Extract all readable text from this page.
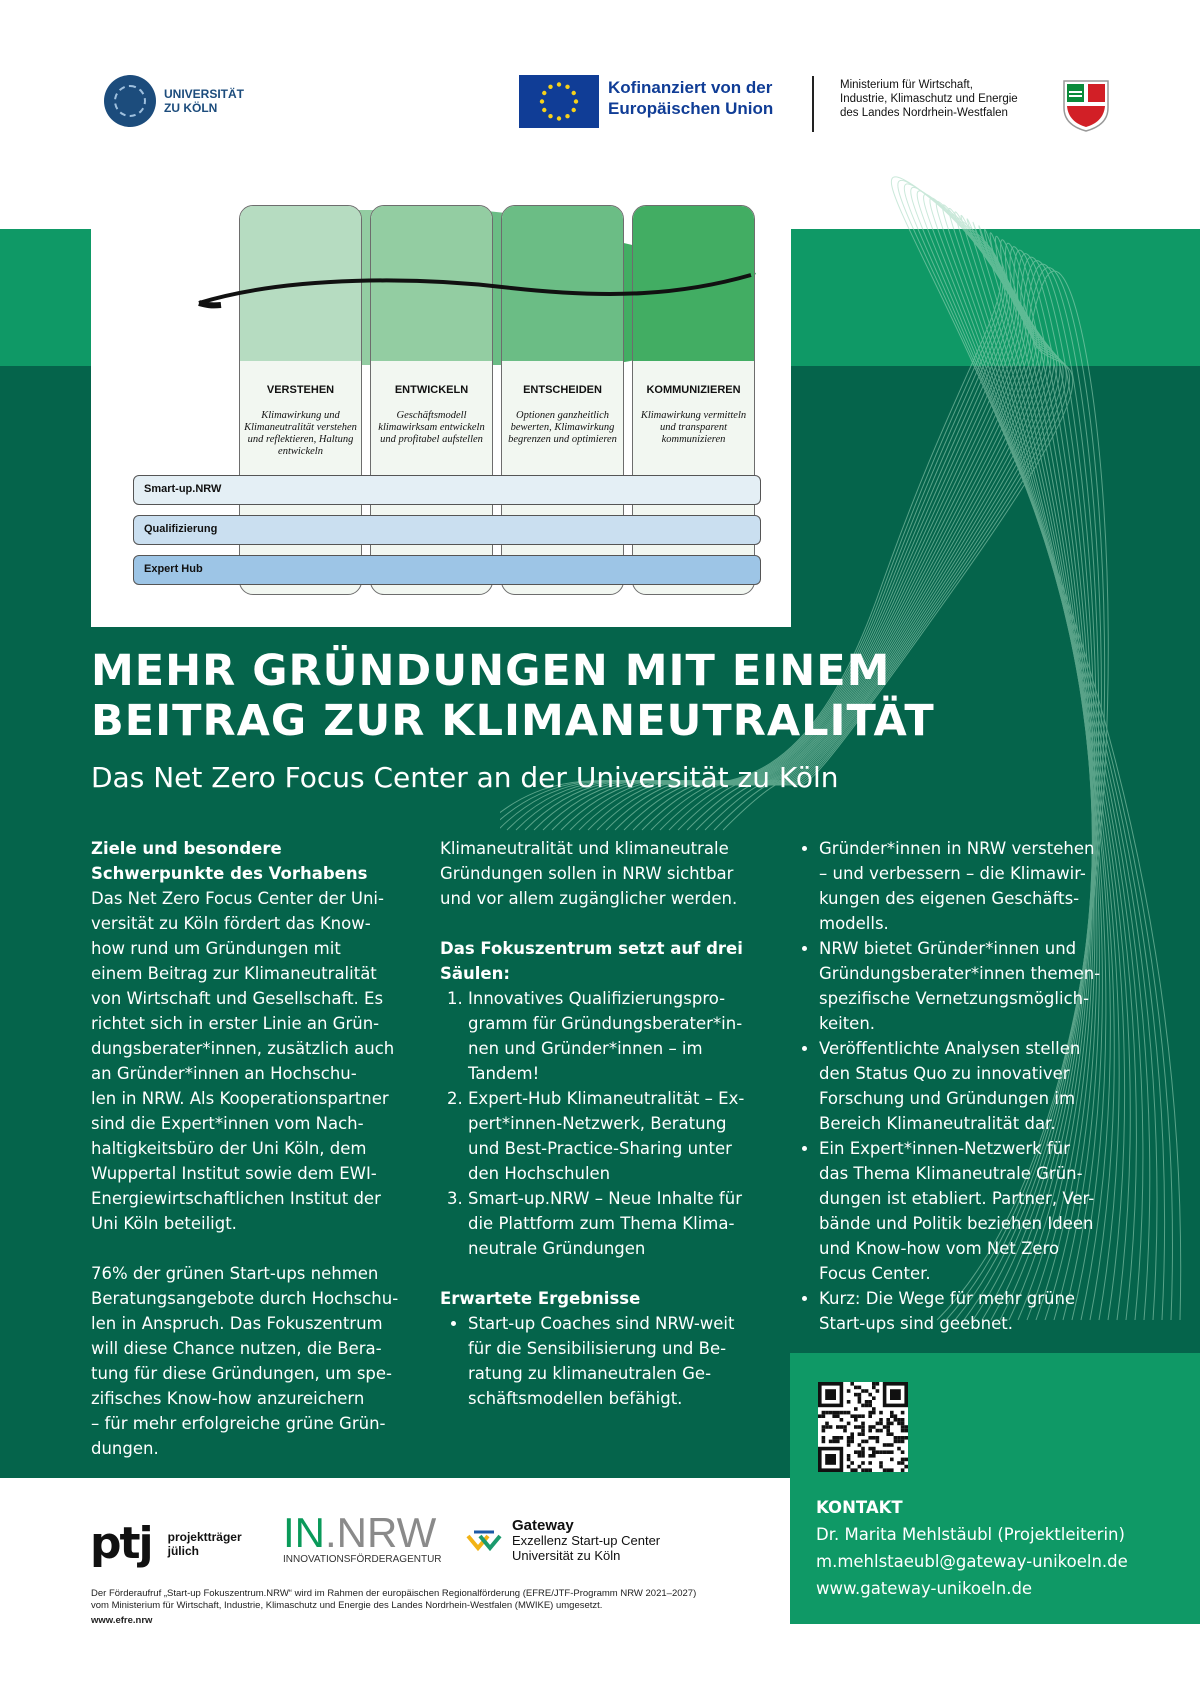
UNIVERSITÄT
ZU KÖLN
Kofinanziert von der
Europäischen Union
Ministerium für Wirtschaft,
Industrie, Klimaschutz und Energie
des Landes Nordrhein-Westfalen
VERSTEHEN

Klimawirkung und Klimaneutralität verstehen und reflektieren, Haltung entwickeln

ENTWICKELN

Geschäftsmodell klimawirksam entwickeln und profitabel aufstellen

ENTSCHEIDEN

Optionen ganzheitlich bewerten, Klimawirkung begrenzen und optimieren

KOMMUNIZIEREN

Klimawirkung vermitteln und transparent kommunizieren

Smart-up.NRW
Qualifizierung
Expert Hub
MEHR GRÜNDUNGEN MIT EINEM
BEITRAG ZUR KLIMANEUTRALITÄT
Das Net Zero Focus Center an der Universität zu Köln

Ziele und besondere

Schwerpunkte des Vorhabens

Das Net Zero Focus Center der Uni-
versität zu Köln fördert das Know-
how rund um Gründungen mit
einem Beitrag zur Klimaneutralität
von Wirtschaft und Gesellschaft. Es
richtet sich in erster Linie an Grün-
dungsberater*innen, zusätzlich auch
an Gründer*innen an Hochschu-
len in NRW. Als Kooperationspartner
sind die Expert*innen vom Nach-
haltigkeitsbüro der Uni Köln, dem
Wuppertal Institut sowie dem EWI-
Energiewirtschaftlichen Institut der
Uni Köln beteiligt.
76% der grünen Start-ups nehmen
Beratungsangebote durch Hochschu-
len in Anspruch. Das Fokuszentrum
will diese Chance nutzen, die Bera-
tung für diese Gründungen, um spe-
zifisches Know-how anzureichern
– für mehr erfolgreiche grüne Grün-
dungen.
Klimaneutralität und klimaneutrale
Gründungen sollen in NRW sichtbar
und vor allem zugänglicher werden.

Das Fokuszentrum setzt auf drei

Säulen:

1. Innovatives Qualifizierungspro-
gramm für Gründungsberater*in-
nen und Gründer*innen – im
Tandem!
2. Expert-Hub Klimaneutralität – Ex-
pert*innen-Netzwerk, Beratung
und Best-Practice-Sharing unter
den Hochschulen
3. Smart-up.NRW – Neue Inhalte für
die Plattform zum Thema Klima-
neutrale Gründungen

Erwartete Ergebnisse

• Start-up Coaches sind NRW-weit
für die Sensibilisierung und Be-
ratung zu klimaneutralen Ge-
schäftsmodellen befähigt.
• Gründer*innen in NRW verstehen
– und verbessern – die Klimawir-
kungen des eigenen Geschäfts-
modells.
• NRW bietet Gründer*innen und
Gründungsberater*innen themen-
spezifische Vernetzungsmöglich-
keiten.
• Veröffentlichte Analysen stellen
den Status Quo zu innovativer
Forschung und Gründungen im
Bereich Klimaneutralität dar.
• Ein Expert*innen-Netzwerk für
das Thema Klimaneutrale Grün-
dungen ist etabliert. Partner, Ver-
bände und Politik beziehen Ideen
und Know-how vom Net Zero
Focus Center.
• Kurz: Die Wege für mehr grüne
Start-ups sind geebnet.
KONTAKT
Dr. Marita Mehlstäubl (Projektleiterin)
m.mehlstaeubl@gateway-unikoeln.de
www.gateway-unikoeln.de
ptj projektträger
jülich	IN.NRW
INNOVATIONSFÖRDERAGENTUR
Gateway
Exzellenz Start-up Center
Universität zu Köln
Der Förderaufruf „Start-up Fokuszentrum.NRW“ wird im Rahmen der europäischen Regionalförderung (EFRE/JTF-Programm NRW 2021–2027)
vom Ministerium für Wirtschaft, Industrie, Klimaschutz und Energie des Landes Nordrhein-Westfalen (MWIKE) umgesetzt.
www.efre.nrw
